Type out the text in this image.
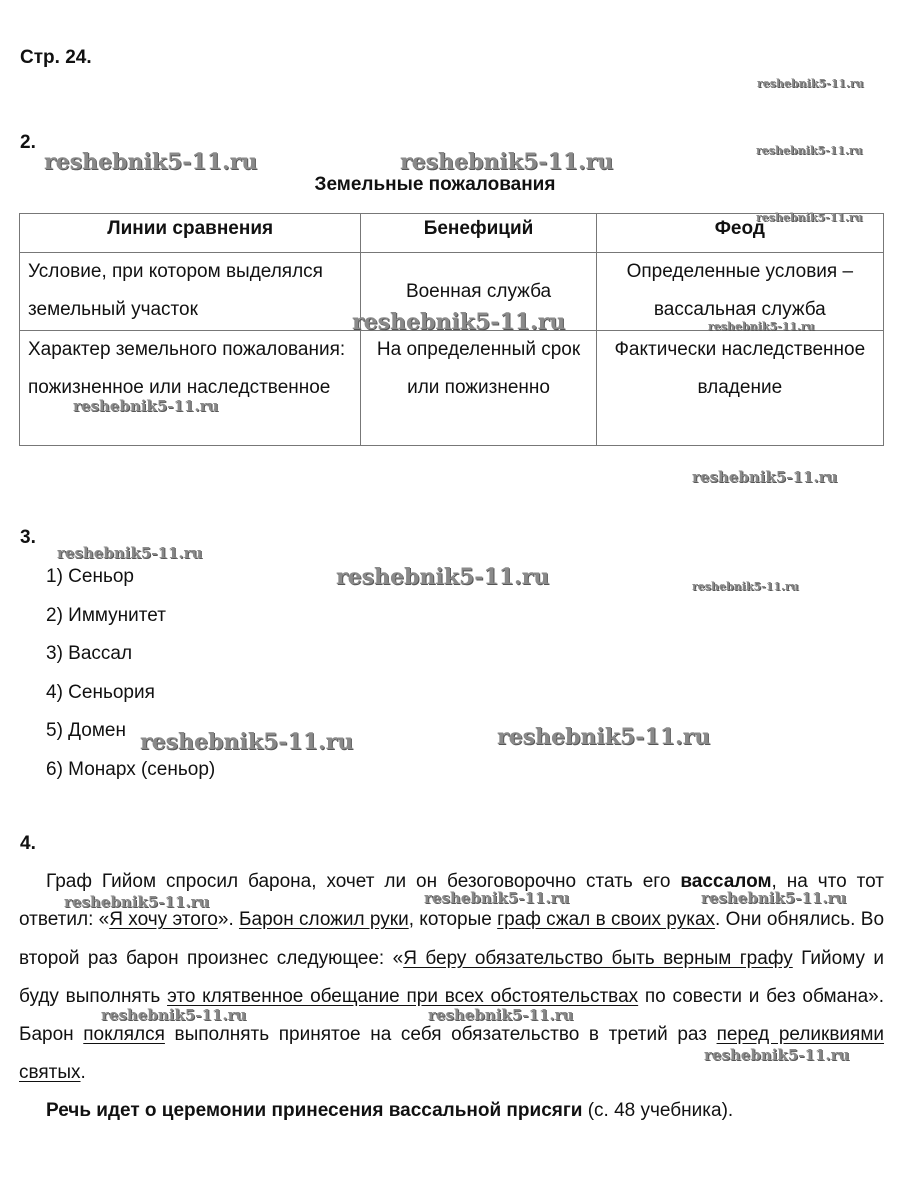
Стр. 24.
2.
Земельные пожалования
Линии сравнения	Бенефиций	Феод
Условие, при котором выделялся земельный участок	Военная служба	Определенные условия – вассальная служба
Характер земельного пожалования: пожизненное или наследственное	На определенный срок или пожизненно	Фактически наследственное владение
3.
1) Сеньор
2) Иммунитет
3) Вассал
4) Сеньория
5) Домен
6) Монарх (сеньор)
4.
Граф Гийом спросил барона, хочет ли он безоговорочно стать его вассалом, на что тот ответил: «Я хочу этого». Барон сложил руки, которые граф сжал в своих руках. Они обнялись. Во второй раз барон произнес следующее: «Я беру обязательство быть верным графу Гийому и буду выполнять это клятвенное обещание при всех обстоятельствах по совести и без обмана». Барон поклялся выполнять принятое на себя обязательство в третий раз перед реликвиями святых.
Речь идет о церемонии принесения вассальной присяги (с. 48 учебника).
reshebnik5-11.ru
reshebnik5-11.ru	reshebnik5-11.ru	reshebnik5-11.ru
reshebnik5-11.ru
reshebnik5-11.ru	reshebnik5-11.ru
reshebnik5-11.ru
reshebnik5-11.ru
reshebnik5-11.ru
reshebnik5-11.ru	reshebnik5-11.ru
reshebnik5-11.ru	reshebnik5-11.ru
reshebnik5-11.ru	reshebnik5-11.ru	reshebnik5-11.ru
reshebnik5-11.ru	reshebnik5-11.ru
reshebnik5-11.ru
